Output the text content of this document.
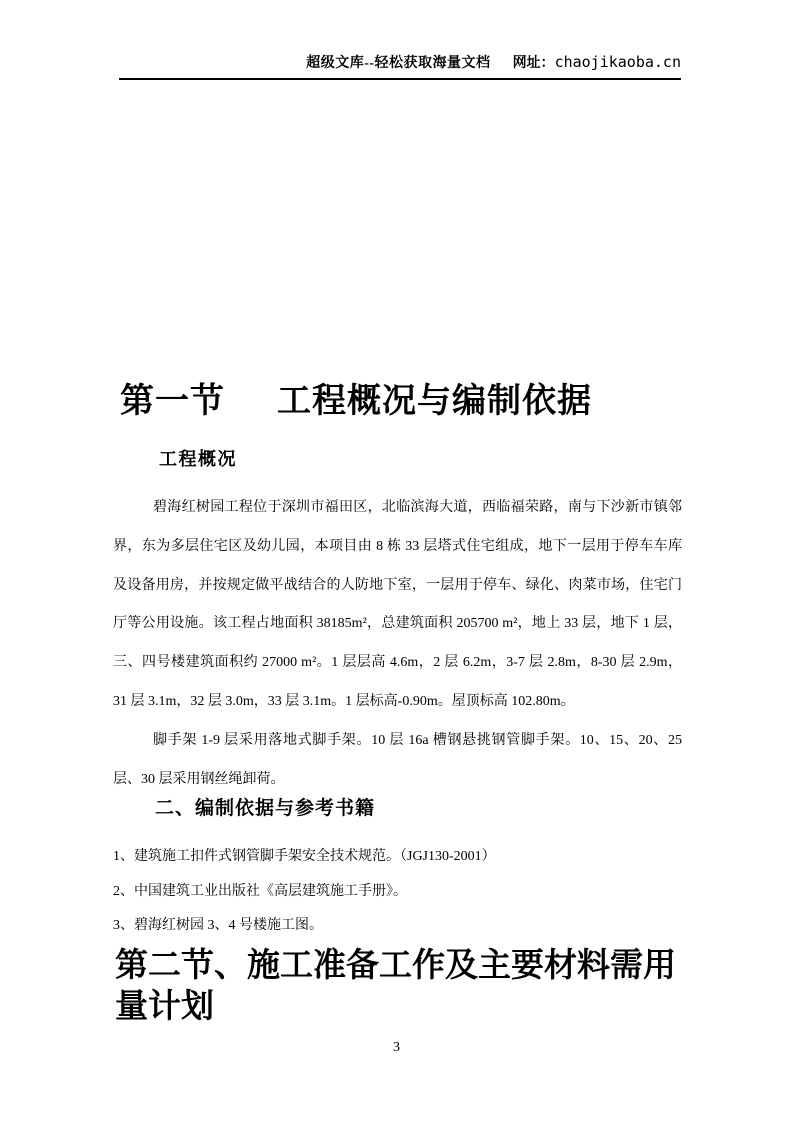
超级文库--轻松获取海量文档 网址：chaojikaoba.cn
第一节 工程概况与编制依据
工程概况
碧海红树园工程位于深圳市福田区，北临滨海大道，西临福荣路，南与下沙新市镇邻
界，东为多层住宅区及幼儿园，本项目由 8 栋 33 层塔式住宅组成，地下一层用于停车车库
及设备用房，并按规定做平战结合的人防地下室，一层用于停车、绿化、肉菜市场，住宅门
厅等公用设施。该工程占地面积 38185m²，总建筑面积 205700 m²，地上 33 层，地下 1 层，
三、四号楼建筑面积约 27000 m²。1 层层高 4.6m，2 层 6.2m，3-7 层 2.8m，8-30 层 2.9m，
31 层 3.1m，32 层 3.0m，33 层 3.1m。1 层标高-0.90m。屋顶标高 102.80m。
脚手架 1-9 层采用落地式脚手架。10 层 16a 槽钢悬挑钢管脚手架。10、15、20、25
层、30 层采用钢丝绳卸荷。
二、编制依据与参考书籍
1、建筑施工扣件式钢管脚手架安全技术规范。（JGJ130-2001）
2、中国建筑工业出版社《高层建筑施工手册》。
3、碧海红树园 3、4 号楼施工图。
第二节、施工准备工作及主要材料需用
量计划
3
